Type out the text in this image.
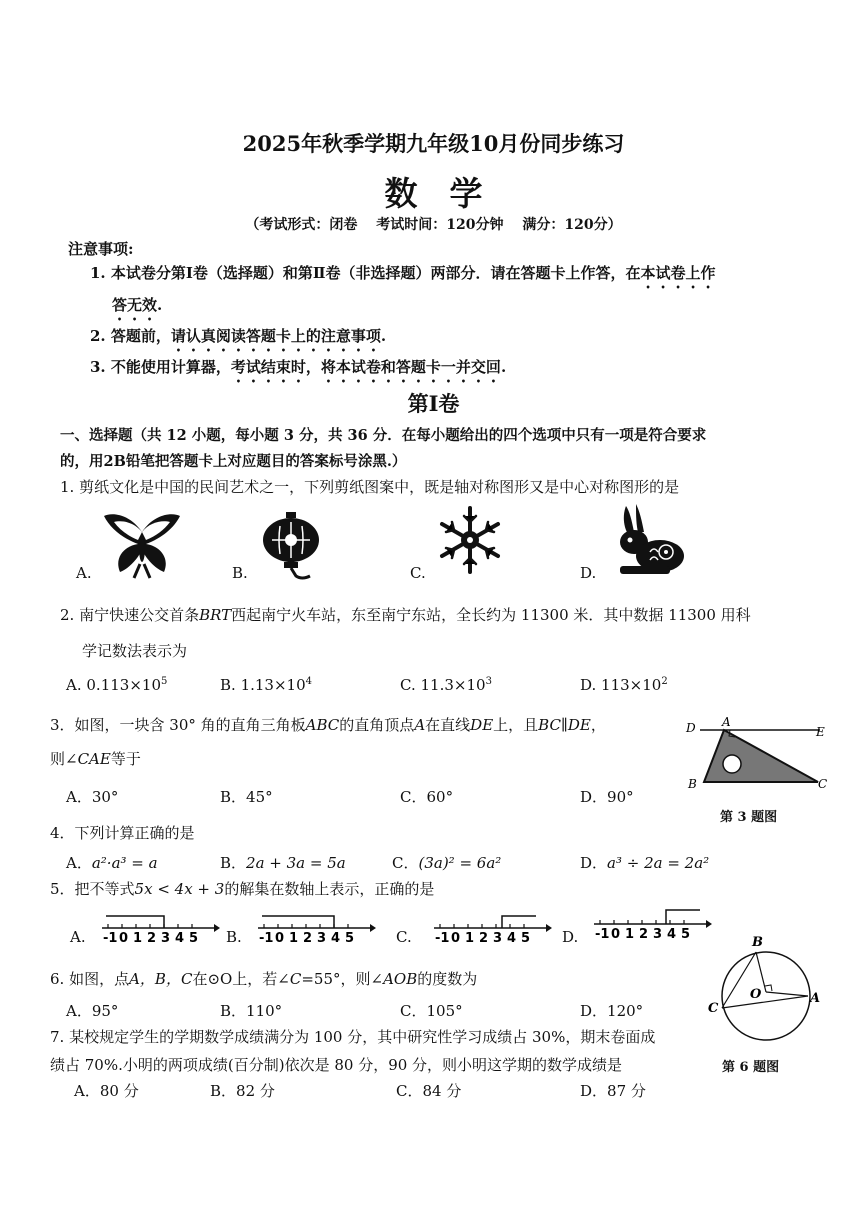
2025年秋季学期九年级10月份同步练习
数学
（考试形式：闭卷 考试时间：120分钟 满分：120分）
注意事项:
1. 本试卷分第Ⅰ卷（选择题）和第Ⅱ卷（非选择题）两部分．请在答题卡上作答，在本试卷上作
答无效.
2. 答题前，请认真阅读答题卡上的注意事项.
3. 不能使用计算器，考试结束时，将本试卷和答题卡一并交回.
第Ⅰ卷
一、选择题（共 12 小题，每小题 3 分，共 36 分．在每小题给出的四个选项中只有一项是符合要求
的，用2B铅笔把答题卡上对应题目的答案标号涂黑.）
1. 剪纸文化是中国的民间艺术之一，下列剪纸图案中，既是轴对称图形又是中心对称图形的是
A.	B.	C.	D.
2. 南宁快速公交首条BRT西起南宁火车站，东至南宁东站，全长约为 11300 米．其中数据 11300 用科
学记数法表示为
A. $0.113\times 10^5$	B. $1.13\times 10^4$	C. $11.3\times 10^3$	D. $113\times 10^2$
3．如图，一块含 30° 角的直角三角板ABC的直角顶点A在直线DE上，且BC∥DE，
则∠CAE等于
D A
E
B	C
A．30°	B．45°	C．60°	D．90°
第 3 题图
4．下列计算正确的是
A．a²·a³ = a	B．2a + 3a = 5a	C．(3a)² = 6a²	D．a³ ÷ 2a = 2a²
5．把不等式5x < 4x + 3的解集在数轴上表示，正确的是
A.	B.	C.	D.
-1 0 1 2 3 4 5	-1 0 1 2 3 4 5	-1 0 1 2 3 4 5	-1 0 1 2 3 4 5
6. 如图，点A，B，C在⊙O上，若∠C=55°，则∠AOB的度数为
A．95°	B．110°	C．105°	D．120°
B
C
O	A
第 6 题图
7. 某校规定学生的学期数学成绩满分为 100 分，其中研究性学习成绩占 30%，期末卷面成
绩占 70%.小明的两项成绩(百分制)依次是 80 分，90 分，则小明这学期的数学成绩是
A．80 分	B．82 分	C．84 分	D．87 分
